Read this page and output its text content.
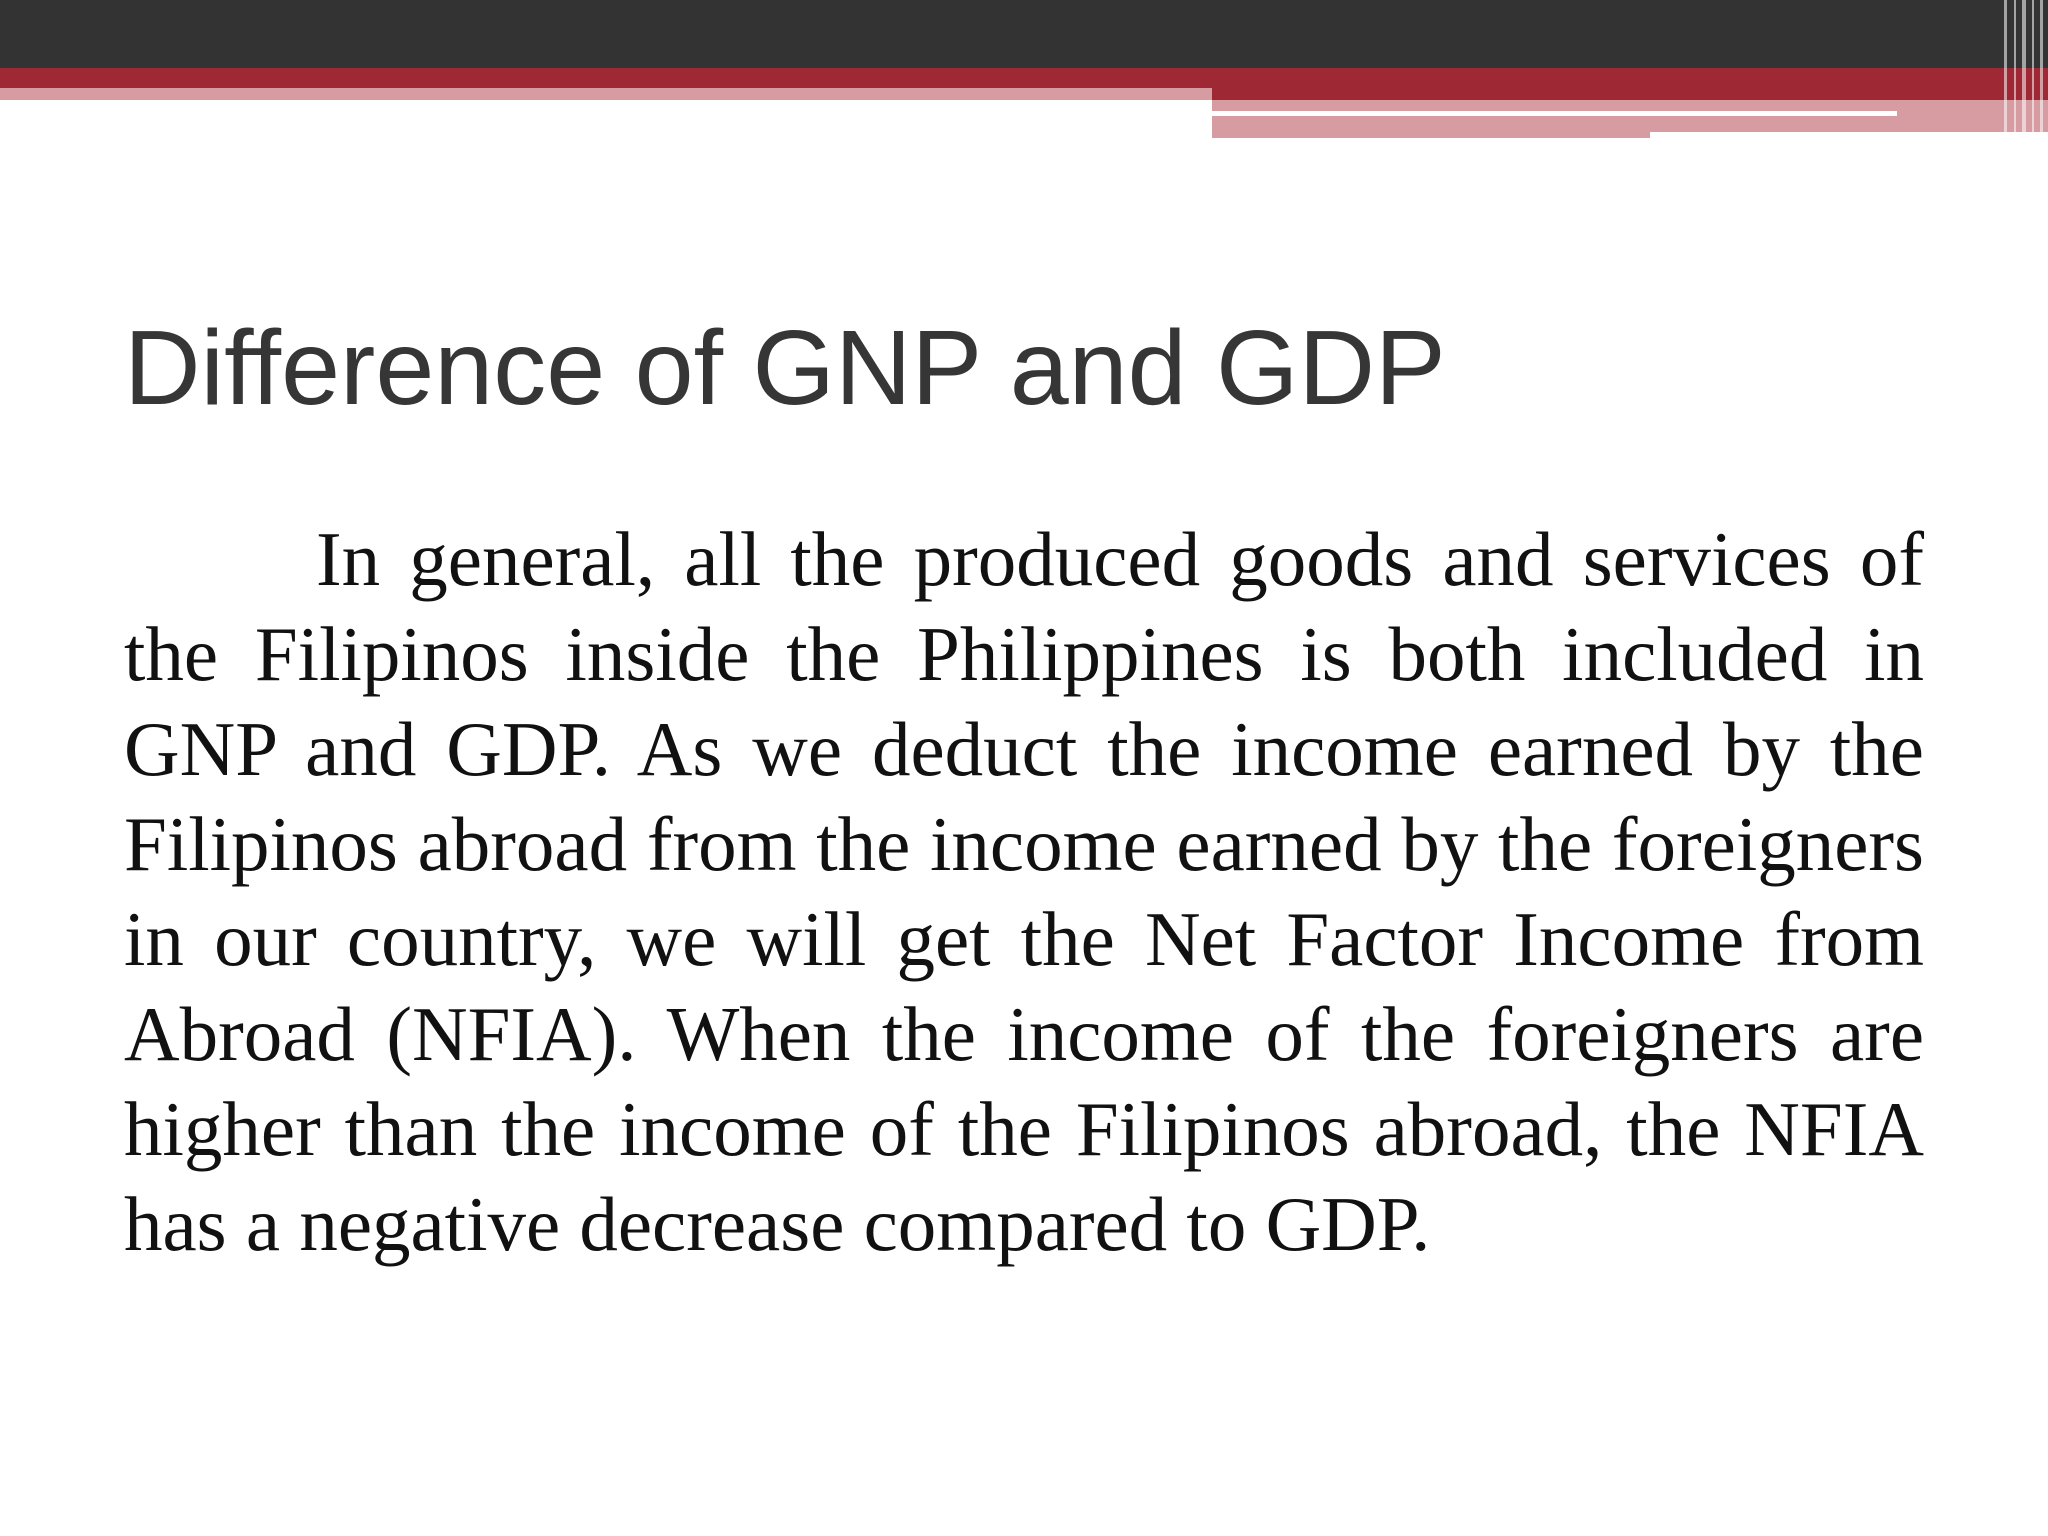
Difference of GNP and GDP

In general, all the produced goods and services of the Filipinos inside the Philippines is both included in GNP and GDP. As we deduct the income earned by the Filipinos abroad from the income earned by the foreigners in our country, we will get the Net Factor Income from Abroad (NFIA). When the income of the foreigners are higher than the income of the Filipinos abroad, the NFIA has a negative decrease compared to GDP.
